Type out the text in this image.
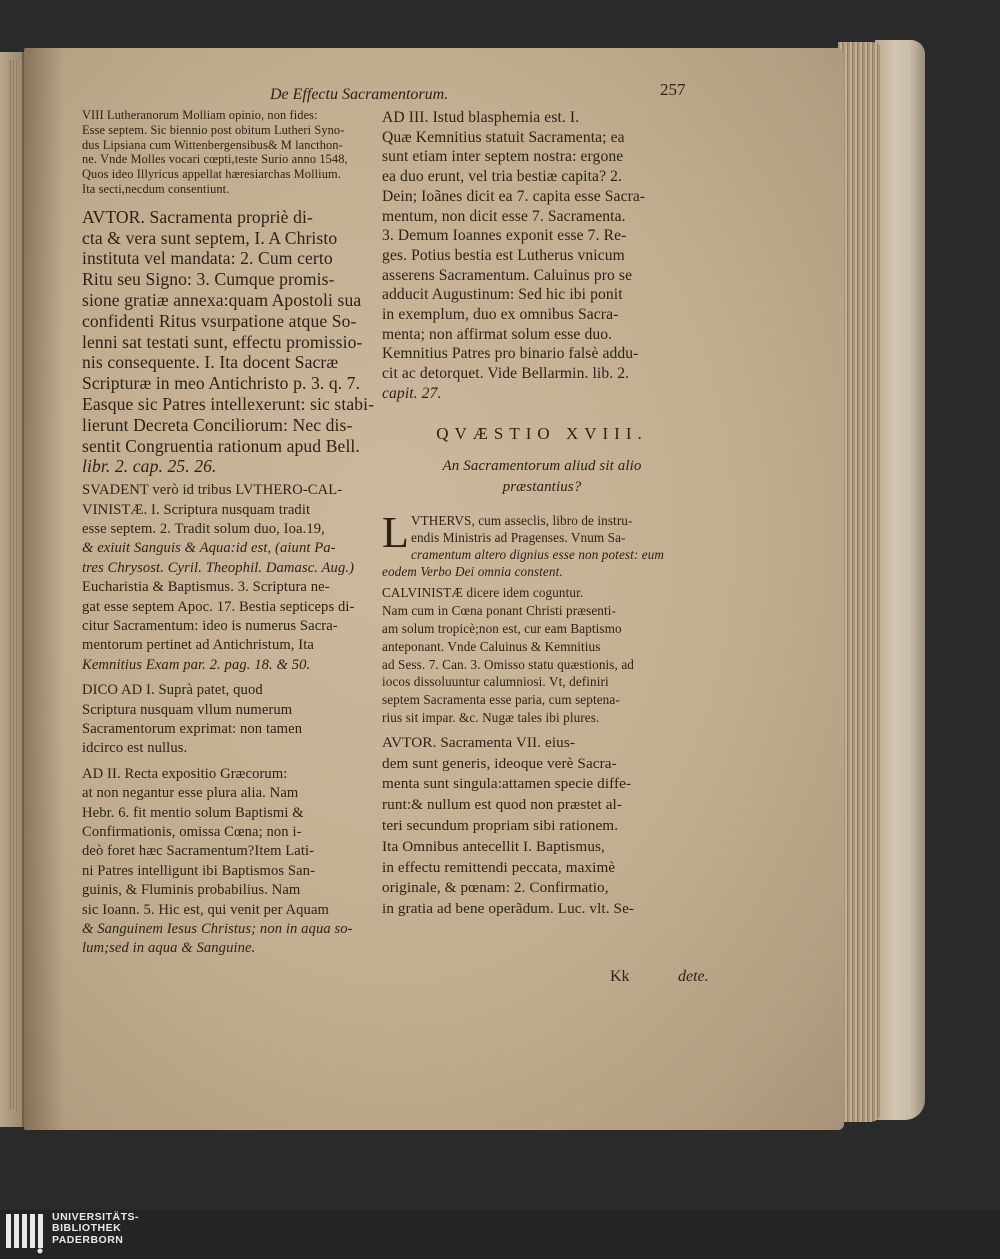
De Effectu Sacramentorum.	257

VIII Lutheranorum Molliam opinio, non fides:

Esse septem. Sic biennio post obitum Lutheri Syno-

dus Lipsiana cum Wittenbergensibus& M lancthon-

ne. Vnde Molles vocari cœpti,teste Surio anno 1548,

Quos ideo Illyricus appellat hæresiarchas Mollium.

Ita secti,necdum consentiunt.

AVTOR. Sacramenta propriè di-

cta & vera sunt septem, I. A Christo

instituta vel mandata: 2. Cum certo

Ritu seu Signo: 3. Cumque promis-

sione gratiæ annexa:quam Apostoli sua

confidenti Ritus vsurpatione atque So-

lenni sat testati sunt, effectu promissio-

nis consequente. I. Ita docent Sacræ

Scripturæ in meo Antichristo p. 3. q. 7.

Easque sic Patres intellexerunt: sic stabi-

lierunt Decreta Conciliorum: Nec dis-

sentit Congruentia rationum apud Bell.

libr. 2. cap. 25. 26.

SVADENT verò id tribus LVTHERO-CAL-

VINISTÆ. I. Scriptura nusquam tradit

esse septem. 2. Tradit solum duo, Ioa.19,

& exiuit Sanguis & Aqua:id est, (aiunt Pa-

tres Chrysost. Cyril. Theophil. Damasc. Aug.)

Eucharistia & Baptismus. 3. Scriptura ne-

gat esse septem Apoc. 17. Bestia septiceps di-

citur Sacramentum: ideo is numerus Sacra-

mentorum pertinet ad Antichristum, Ita

Kemnitius Exam par. 2. pag. 18. & 50.

DICO AD I. Suprà patet, quod

Scriptura nusquam vllum numerum

Sacramentorum exprimat: non tamen

idcirco est nullus.

AD II. Recta expositio Græcorum:

at non negantur esse plura alia. Nam

Hebr. 6. fit mentio solum Baptismi &

Confirmationis, omissa Cœna; non i-

deò foret hæc Sacramentum?Item Lati-

ni Patres intelligunt ibi Baptismos San-

guinis, & Fluminis probabilius. Nam

sic Ioann. 5. Hic est, qui venit per Aquam

& Sanguinem Iesus Christus; non in aqua so-

lum;sed in aqua & Sanguine.

AD III. Istud blasphemia est. I.

Quæ Kemnitius statuit Sacramenta; ea

sunt etiam inter septem nostra: ergone

ea duo erunt, vel tria bestiæ capita? 2.

Dein; Ioãnes dicit ea 7. capita esse Sacra-

mentum, non dicit esse 7. Sacramenta.

3. Demum Ioannes exponit esse 7. Re-

ges. Potius bestia est Lutherus vnicum

asserens Sacramentum. Caluinus pro se

adducit Augustinum: Sed hic ibi ponit

in exemplum, duo ex omnibus Sacra-

menta; non affirmat solum esse duo.

Kemnitius Patres pro binario falsè addu-

cit ac detorquet. Vide Bellarmin. lib. 2.

capit. 27.

QVÆSTIO XVIII.

An Sacramentorum aliud sit alio

præstantius?

L VTHERVS, cum asseclis, libro de instru-

endis Ministris ad Pragenses. Vnum Sa-

cramentum altero dignius esse non potest: eum

eodem Verbo Dei omnia constent.

CALVINISTÆ dicere idem coguntur.

Nam cum in Cœna ponant Christi præsenti-

am solum tropicè;non est, cur eam Baptismo

anteponant. Vnde Caluinus & Kemnitius

ad Sess. 7. Can. 3. Omisso statu quæstionis, ad

iocos dissoluuntur calumniosi. Vt, definiri

septem Sacramenta esse paria, cum septena-

rius sit impar. &c. Nugæ tales ibi plures.

AVTOR. Sacramenta VII. eius-

dem sunt generis, ideoque verè Sacra-

menta sunt singula:attamen specie diffe-

runt:& nullum est quod non præstet al-

teri secundum propriam sibi rationem.

Ita Omnibus antecellit I. Baptismus,

in effectu remittendi peccata, maximè

originale, & pœnam: 2. Confirmatio,

in gratia ad bene operãdum. Luc. vlt. Se-

Kk	dete.
UNIVERSITÄTS-
BIBLIOTHEK
PADERBORN
